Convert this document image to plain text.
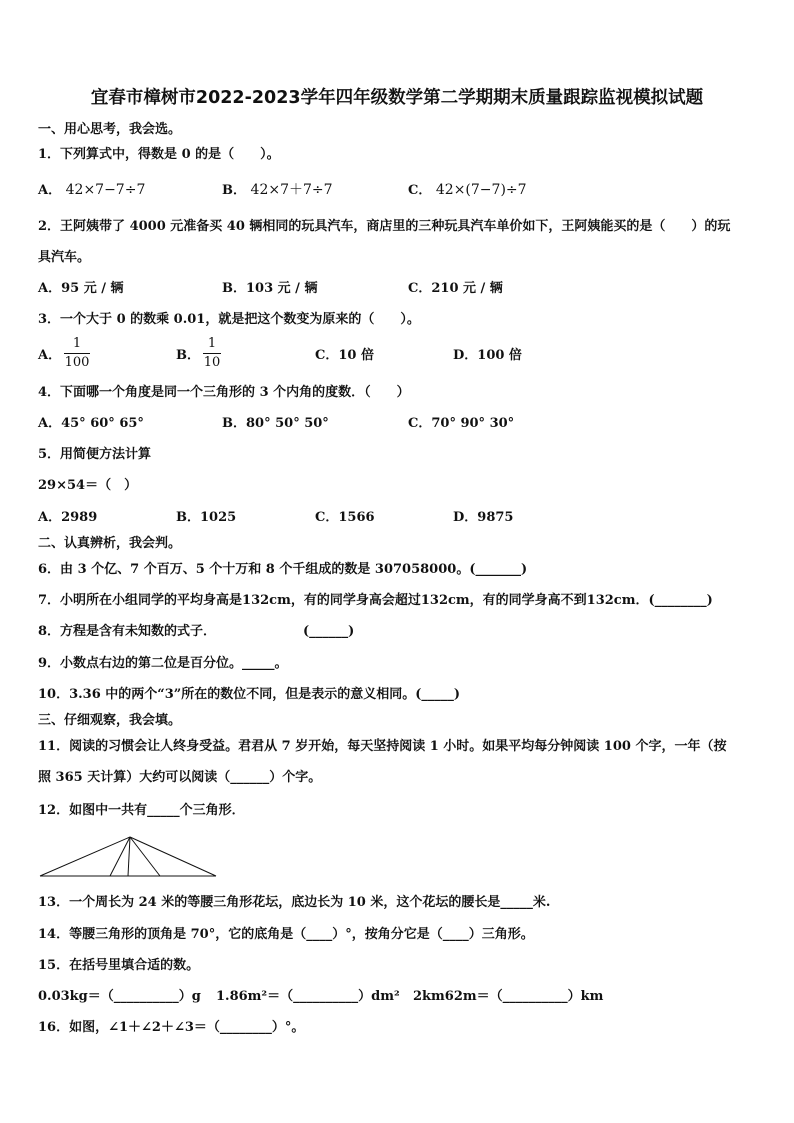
宜春市樟树市2022-2023学年四年级数学第二学期期末质量跟踪监视模拟试题
一、用心思考，我会选。
1．下列算式中，得数是 0 的是（　　）。
A． 42×7−7÷7	B． 42×7＋7÷7	C． 42×(7−7)÷7
2．王阿姨带了 4000 元准备买 40 辆相同的玩具汽车，商店里的三种玩具汽车单价如下，王阿姨能买的是（　　）的玩
具汽车。
A．95 元 / 辆	B．103 元 / 辆	C．210 元 / 辆
3．一个大于 0 的数乘 0.01，就是把这个数变为原来的（　　）。
A．
1
100	B．
1
10	C．10 倍	D．100 倍
4．下面哪一个角度是同一个三角形的 3 个内角的度数．（　　）
A．45° 60° 65°	B．80° 50° 50°	C．70° 90° 30°
5．用简便方法计算
29×54＝（　）
A．2989	B．1025	C．1566	D．9875
二、认真辨析，我会判。
6．由 3 个亿、7 个百万、5 个十万和 8 个千组成的数是 307058000。(_______)
7．小明所在小组同学的平均身高是132cm，有的同学身高会超过132cm，有的同学身高不到132cm．(________)
8．方程是含有未知数的式子．	(______)
9．小数点右边的第二位是百分位。_____。
10．3.36 中的两个“3”所在的数位不同，但是表示的意义相同。(_____)
三、仔细观察，我会填。
11．阅读的习惯会让人终身受益。君君从 7 岁开始，每天坚持阅读 1 小时。如果平均每分钟阅读 100 个字，一年（按
照 365 天计算）大约可以阅读（______）个字。
12．如图中一共有_____个三角形．
13．一个周长为 24 米的等腰三角形花坛，底边长为 10 米，这个花坛的腰长是_____米.
14．等腰三角形的顶角是 70°，它的底角是（____）°，按角分它是（____）三角形。
15．在括号里填合适的数。
0.03kg＝（__________）g 1.86m²＝（__________）dm² 2km62m＝（__________）km
16．如图，∠1＋∠2＋∠3＝（________）°。
